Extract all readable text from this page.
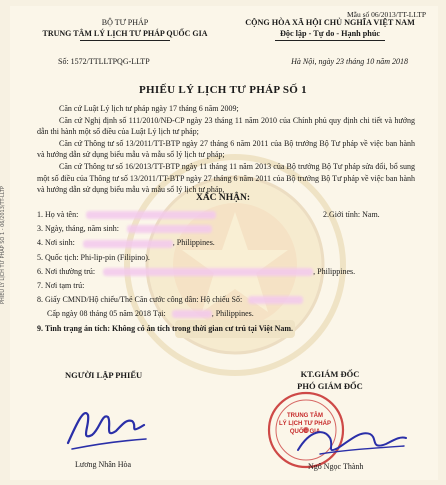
PHIẾU LÝ LỊCH TƯ PHÁP SỐ 1 - 06/2013/TT-LLTP
Mẫu số 06/2013/TT-LLTP
BỘ TƯ PHÁP
TRUNG TÂM LÝ LỊCH TƯ PHÁP QUỐC GIA
CỘNG HÒA XÃ HỘI CHỦ NGHĨA VIỆT NAM
Độc lập - Tự do - Hạnh phúc
Số: 1572/TTLLTPQG-LLTP	Hà Nội, ngày 23 tháng 10 năm 2018
PHIẾU LÝ LỊCH TƯ PHÁP SỐ 1

Căn cứ Luật Lý lịch tư pháp ngày 17 tháng 6 năm 2009;

Căn cứ Nghị định số 111/2010/NĐ-CP ngày 23 tháng 11 năm 2010 của Chính phủ quy định chi tiết và hướng dẫn thi hành một số điều của Luật Lý lịch tư pháp;

Căn cứ Thông tư số 13/2011/TT-BTP ngày 27 tháng 6 năm 2011 của Bộ trưởng Bộ Tư pháp về việc ban hành và hướng dẫn sử dụng biểu mẫu và mẫu sổ lý lịch tư pháp;

Căn cứ Thông tư số 16/2013/TT-BTP ngày 11 tháng 11 năm 2013 của Bộ trưởng Bộ Tư pháp sửa đổi, bổ sung một số điều của Thông tư số 13/2011/TT-BTP ngày 27 tháng 6 năm 2011 của Bộ trưởng Bộ Tư pháp về việc ban hành và hướng dẫn sử dụng biểu mẫu và mẫu sổ lý lịch tư pháp,

XÁC NHẬN:
1. Họ và tên:	2.Giới tính: Nam.
3. Ngày, tháng, năm sinh:
4. Nơi sinh:	, Philippines.
5. Quốc tịch: Phi-lip-pin (Filipino).
6. Nơi thường trú:	, Philippines.
7. Nơi tạm trú:
8. Giấy CMND/Hộ chiếu/Thẻ Căn cước công dân: Hộ chiếu Số:
Cấp ngày 08 tháng 05 năm 2018 Tại:	, Philippines.
9. Tình trạng án tích: Không có án tích trong thời gian cư trú tại Việt Nam.
NGƯỜI LẬP PHIẾU	KT.GIÁM ĐỐC
PHÓ GIÁM ĐỐC
TRUNG TÂM
LÝ LỊCH TƯ PHÁP
QUỐC GIA
Lương Nhân Hòa	Ngô Ngọc Thành
